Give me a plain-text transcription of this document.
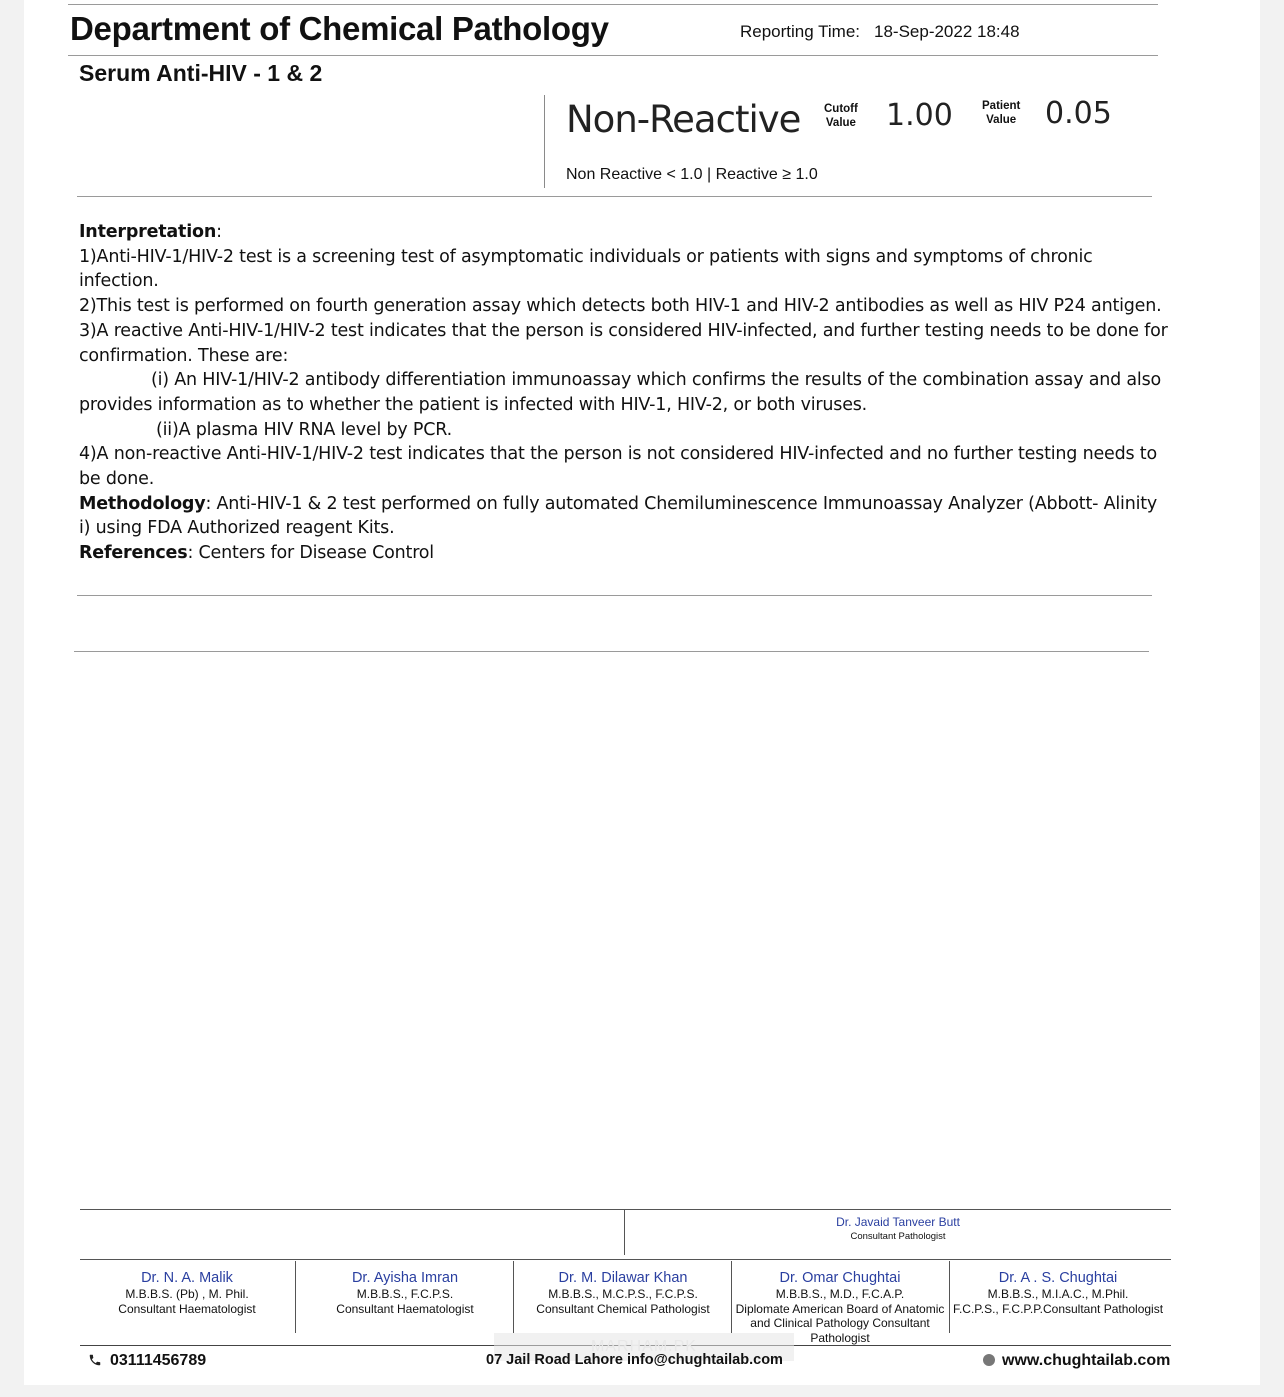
Department of Chemical Pathology	Reporting Time: 18-Sep-2022 18:48
Serum Anti-HIV - 1 & 2
Non-Reactive Cutoff
Value 1.00	Patient
Value 0.05
Non Reactive < 1.0 | Reactive ≥ 1.0

Interpretation:

1)Anti-HIV-1/HIV-2 test is a screening test of asymptomatic individuals or patients with signs and symptoms of chronic infection.

2)This test is performed on fourth generation assay which detects both HIV-1 and HIV-2 antibodies as well as HIV P24 antigen.

3)A reactive Anti-HIV-1/HIV-2 test indicates that the person is considered HIV-infected, and further testing needs to be done for confirmation. These are:

(i) An HIV-1/HIV-2 antibody differentiation immunoassay which confirms the results of the combination assay and also provides information as to whether the patient is infected with HIV-1, HIV-2, or both viruses.

(ii)A plasma HIV RNA level by PCR.

4)A non-reactive Anti-HIV-1/HIV-2 test indicates that the person is not considered HIV-infected and no further testing needs to be done.

Methodology: Anti-HIV-1 & 2 test performed on fully automated Chemiluminescence Immunoassay Analyzer (Abbott- Alinity i) using FDA Authorized reagent Kits.

References: Centers for Disease Control

Dr. Javaid Tanveer Butt
Consultant Pathologist
Dr. N. A. Malik
M.B.B.S. (Pb) , M. Phil.
Consultant Haematologist
Dr. Ayisha Imran
M.B.B.S., F.C.P.S.
Consultant Haematologist
Dr. M. Dilawar Khan
M.B.B.S., M.C.P.S., F.C.P.S.
Consultant Chemical Pathologist
Dr. Omar Chughtai
M.B.B.S., M.D., F.C.A.P.
Diplomate American Board of Anatomic and Clinical Pathology Consultant Pathologist
Dr. A . S. Chughtai
M.B.B.S., M.I.A.C., M.Phil.
F.C.P.S., F.C.P.P.Consultant Pathologist
MARHAM.PK
03111456789	07 Jail Road Lahore info@chughtailab.com	www.chughtailab.com
